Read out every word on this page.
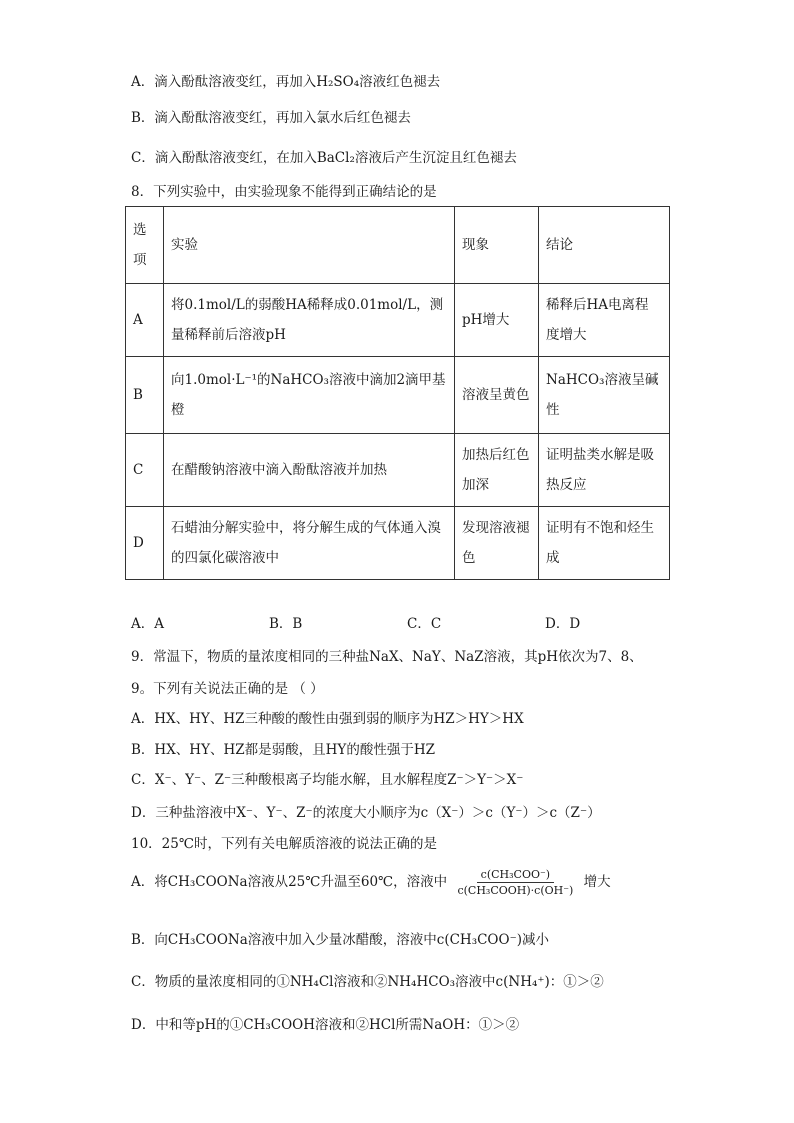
A．滴入酚酞溶液变红，再加入H₂SO₄溶液红色褪去
B．滴入酚酞溶液变红，再加入氯水后红色褪去
C．滴入酚酞溶液变红，在加入BaCl₂溶液后产生沉淀且红色褪去
8．下列实验中，由实验现象不能得到正确结论的是
选项	实验	现象	结论
A	将0.1mol/L的弱酸HA稀释成0.01mol/L，测量稀释前后溶液pH	pH增大	稀释后HA电离程度增大
B	向1.0mol·L⁻¹的NaHCO₃溶液中滴加2滴甲基橙	溶液呈黄色	NaHCO₃溶液呈碱性
C	在醋酸钠溶液中滴入酚酞溶液并加热	加热后红色加深	证明盐类水解是吸热反应
D	石蜡油分解实验中，将分解生成的气体通入溴的四氯化碳溶液中	发现溶液褪色	证明有不饱和烃生成
A．A	B．B	C．C	D．D
9．常温下，物质的量浓度相同的三种盐NaX、NaY、NaZ溶液，其pH依次为7、8、
9。下列有关说法正确的是 （ ）
A．HX、HY、HZ三种酸的酸性由强到弱的顺序为HZ＞HY＞HX
B．HX、HY、HZ都是弱酸，且HY的酸性强于HZ
C．X⁻、Y⁻、Z⁻三种酸根离子均能水解，且水解程度Z⁻＞Y⁻＞X⁻
D．三种盐溶液中X⁻、Y⁻、Z⁻的浓度大小顺序为c（X⁻）＞c（Y⁻）＞c（Z⁻）
10．25℃时，下列有关电解质溶液的说法正确的是
A．将CH₃COONa溶液从25℃升温至60℃，溶液中 $\frac{\text{c(CH₃COO⁻)}}{\text{c(CH₃COOH)·c(OH⁻)}}$ 增大
B．向CH₃COONa溶液中加入少量冰醋酸，溶液中c(CH₃COO⁻)减小
C．物质的量浓度相同的①NH₄Cl溶液和②NH₄HCO₃溶液中c(NH₄⁺)：①＞②
D．中和等pH的①CH₃COOH溶液和②HCl所需NaOH：①＞②
